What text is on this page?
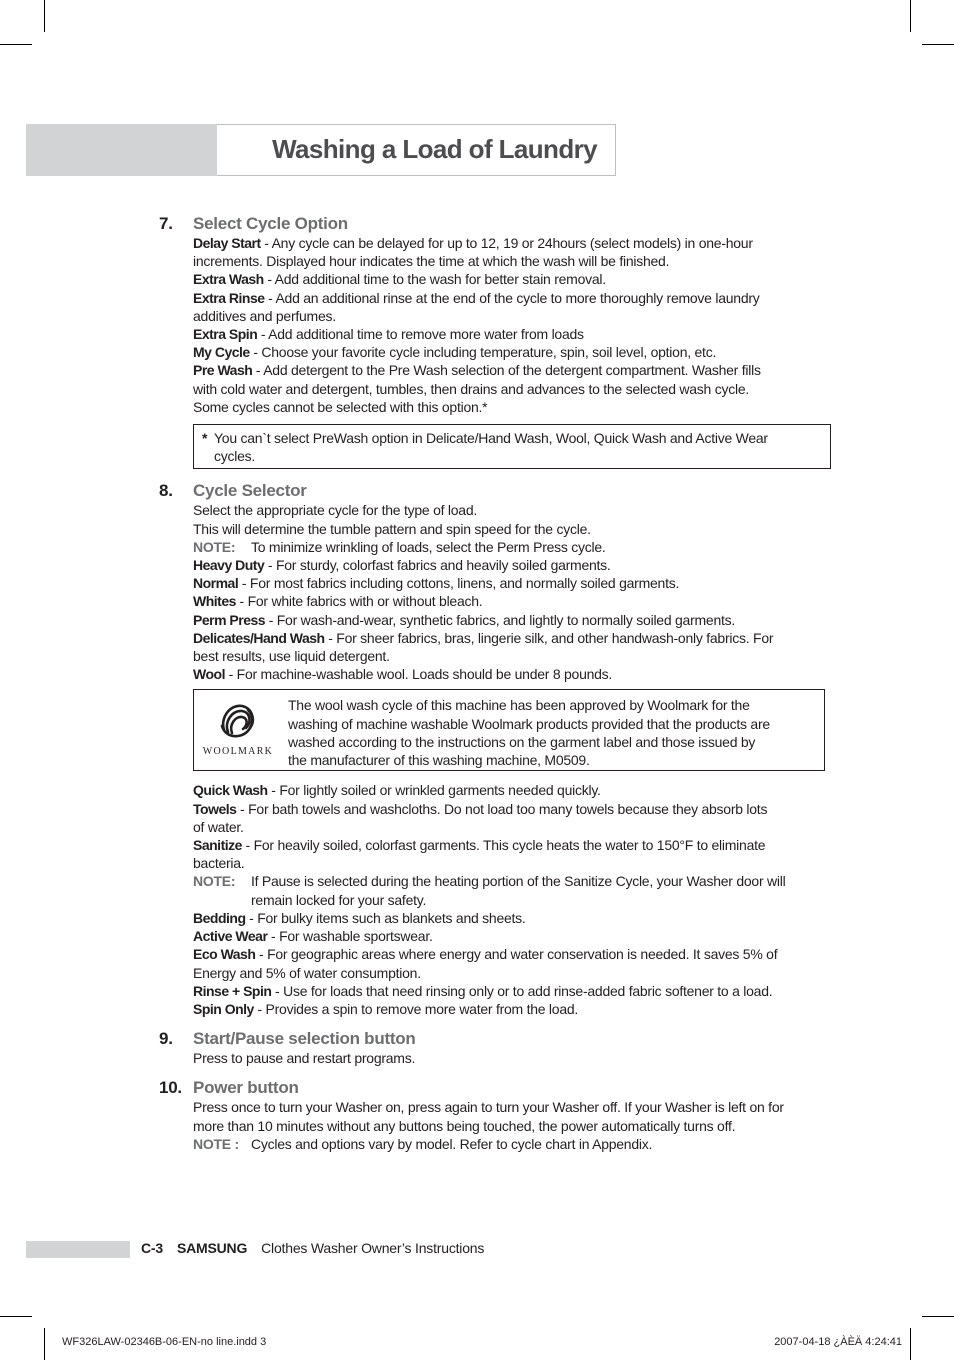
Washing a Load of Laundry
7. Select Cycle Option
Delay Start - Any cycle can be delayed for up to 12, 19 or 24hours (select models) in one-hour
increments. Displayed hour indicates the time at which the wash will be finished.
Extra Wash - Add additional time to the wash for better stain removal.
Extra Rinse - Add an additional rinse at the end of the cycle to more thoroughly remove laundry
additives and perfumes.
Extra Spin - Add additional time to remove more water from loads
My Cycle - Choose your favorite cycle including temperature, spin, soil level, option, etc.
Pre Wash - Add detergent to the Pre Wash selection of the detergent compartment. Washer fills
with cold water and detergent, tumbles, then drains and advances to the selected wash cycle.
Some cycles cannot be selected with this option.*
* You can`t select PreWash option in Delicate/Hand Wash, Wool, Quick Wash and Active Wear
cycles.
8. Cycle Selector
Select the appropriate cycle for the type of load.
This will determine the tumble pattern and spin speed for the cycle.
NOTE: To minimize wrinkling of loads, select the Perm Press cycle.
Heavy Duty - For sturdy, colorfast fabrics and heavily soiled garments.
Normal - For most fabrics including cottons, linens, and normally soiled garments.
Whites - For white fabrics with or without bleach.
Perm Press - For wash-and-wear, synthetic fabrics, and lightly to normally soiled garments.
Delicates/Hand Wash - For sheer fabrics, bras, lingerie silk, and other handwash-only fabrics. For
best results, use liquid detergent.
Wool - For machine-washable wool. Loads should be under 8 pounds.
WOOLMARK
The wool wash cycle of this machine has been approved by Woolmark for the
washing of machine washable Woolmark products provided that the products are
washed according to the instructions on the garment label and those issued by
the manufacturer of this washing machine, M0509.
Quick Wash - For lightly soiled or wrinkled garments needed quickly.
Towels - For bath towels and washcloths. Do not load too many towels because they absorb lots
of water.
Sanitize - For heavily soiled, colorfast garments. This cycle heats the water to 150°F to eliminate
bacteria.
NOTE: If Pause is selected during the heating portion of the Sanitize Cycle, your Washer door will
remain locked for your safety.
Bedding - For bulky items such as blankets and sheets.
Active Wear - For washable sportswear.
Eco Wash - For geographic areas where energy and water conservation is needed. It saves 5% of
Energy and 5% of water consumption.
Rinse + Spin - Use for loads that need rinsing only or to add rinse-added fabric softener to a load.
Spin Only - Provides a spin to remove more water from the load.
9. Start/Pause selection button
Press to pause and restart programs.
10. Power button
Press once to turn your Washer on, press again to turn your Washer off. If your Washer is left on for
more than 10 minutes without any buttons being touched, the power automatically turns off.
NOTE : Cycles and options vary by model. Refer to cycle chart in Appendix.
C-3 SAMSUNG Clothes Washer Owner’s Instructions
WF326LAW-02346B-06-EN-no line.indd 3	2007-04-18 ¿ÀÈÄ 4:24:41
